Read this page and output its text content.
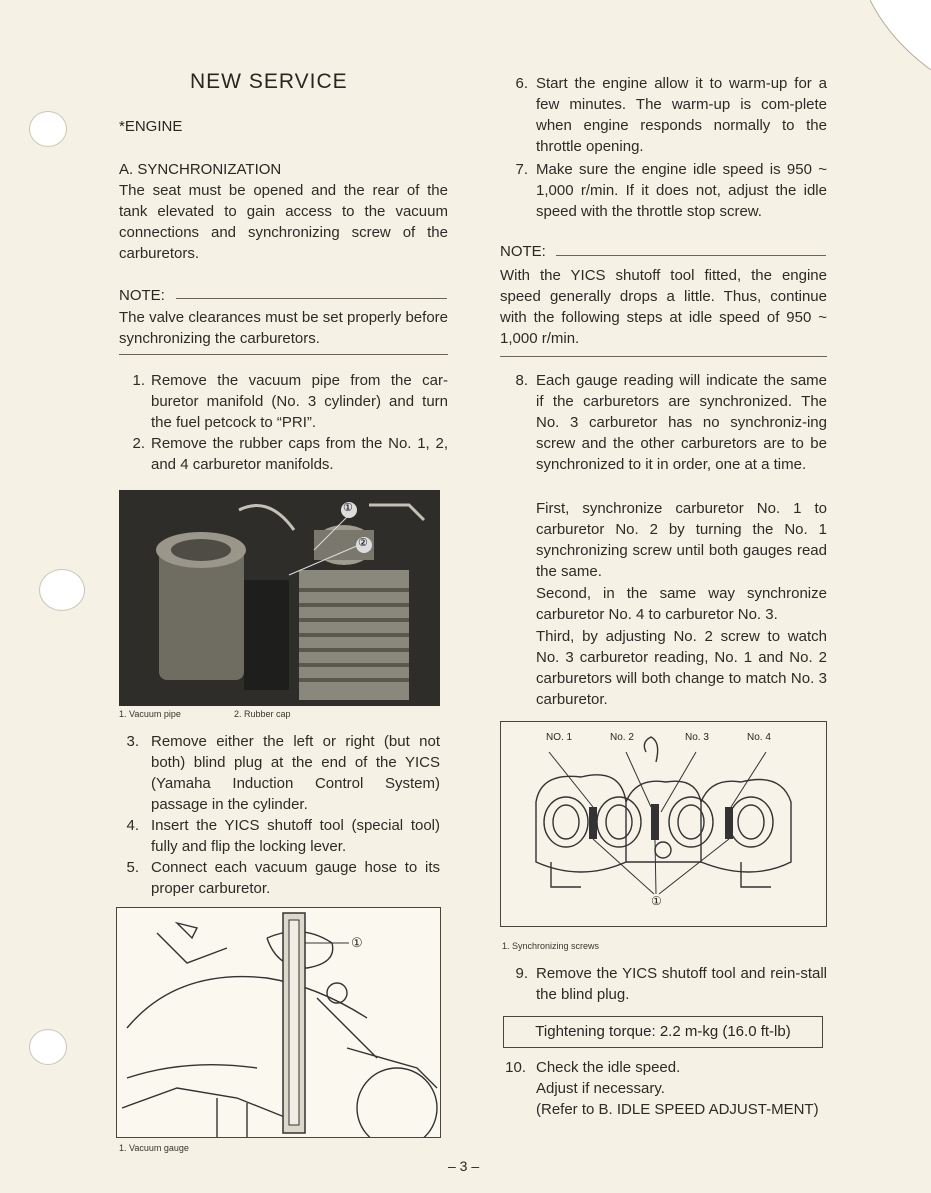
NEW SERVICE
*ENGINE
A. SYNCHRONIZATION
The seat must be opened and the rear of the tank elevated to gain access to the vacuum connections and synchronizing screw of the carburetors.
NOTE:
The valve clearances must be set properly before synchronizing the carburetors.
1. Remove the vacuum pipe from the car-buretor manifold (No. 3 cylinder) and turn the fuel petcock to “PRI”.
2. Remove the rubber caps from the No. 1, 2, and 4 carburetor manifolds.
①
②
1. Vacuum pipe	2. Rubber cap
3. Remove either the left or right (but not both) blind plug at the end of the YICS (Yamaha Induction Control System) passage in the cylinder.
4. Insert the YICS shutoff tool (special tool) fully and flip the locking lever.
5. Connect each vacuum gauge hose to its proper carburetor.
①
1. Vacuum gauge
6. Start the engine allow it to warm-up for a few minutes. The warm-up is com-plete when engine responds normally to the throttle opening.
7. Make sure the engine idle speed is 950 ~ 1,000 r/min. If it does not, adjust the idle speed with the throttle stop screw.
NOTE:
With the YICS shutoff tool fitted, the engine speed generally drops a little. Thus, continue with the following steps at idle speed of 950 ~ 1,000 r/min.
8. Each gauge reading will indicate the same if the carburetors are synchronized. The No. 3 carburetor has no synchroniz-ing screw and the other carburetors are to be synchronized to it in order, one at a time.
First, synchronize carburetor No. 1 to carburetor No. 2 by turning the No. 1 synchronizing screw until both gauges read the same.
Second, in the same way synchronize carburetor No. 4 to carburetor No. 3.
Third, by adjusting No. 2 screw to watch No. 3 carburetor reading, No. 1 and No. 2 carburetors will both change to match No. 3 carburetor.
NO. 1	No. 2	No. 3	No. 4
①
1. Synchronizing screws
9. Remove the YICS shutoff tool and rein-stall the blind plug.
Tightening torque: 2.2 m-kg (16.0 ft-lb)
10. Check the idle speed.
Adjust if necessary.
(Refer to B. IDLE SPEED ADJUST-MENT)
– 3 –
